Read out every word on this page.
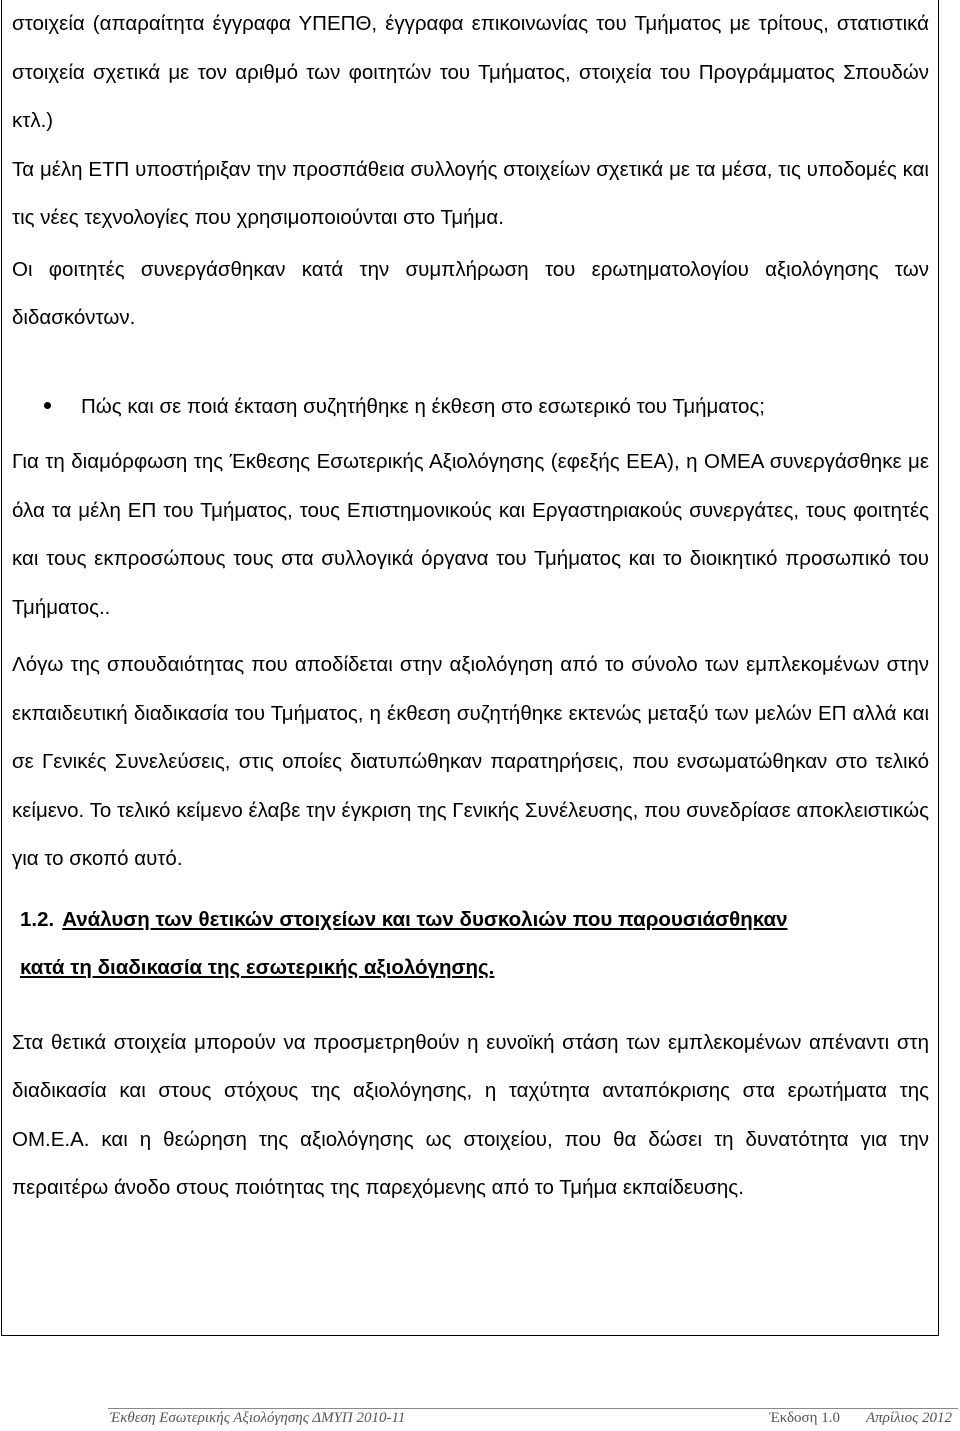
στοιχεία (απαραίτητα έγγραφα ΥΠΕΠΘ, έγγραφα επικοινωνίας του Τμήματος με τρίτους, στατιστικά στοιχεία σχετικά με τον αριθμό των φοιτητών του Τμήματος, στοιχεία του Προγράμματος Σπουδών κτλ.)

Τα μέλη ΕΤΠ υποστήριξαν την προσπάθεια συλλογής στοιχείων σχετικά με τα μέσα, τις υποδομές και τις νέες τεχνολογίες που χρησιμοποιούνται στο Τμήμα.

Οι φοιτητές συνεργάσθηκαν κατά την συμπλήρωση του ερωτηματολογίου αξιολόγησης των διδασκόντων.

Πώς και σε ποιά έκταση συζητήθηκε η έκθεση στο εσωτερικό του Τμήματος;

Για τη διαμόρφωση της Έκθεσης Εσωτερικής Αξιολόγησης (εφεξής ΕΕΑ), η ΟΜΕΑ συνεργάσθηκε με όλα τα μέλη ΕΠ του Τμήματος, τους Επιστημονικούς και Εργαστηριακούς συνεργάτες, τους φοιτητές και τους εκπροσώπους τους στα συλλογικά όργανα του Τμήματος και το διοικητικό προσωπικό του Τμήματος..

Λόγω της σπουδαιότητας που αποδίδεται στην αξιολόγηση από το σύνολο των εμπλεκομένων στην εκπαιδευτική διαδικασία του Τμήματος, η έκθεση συζητήθηκε εκτενώς μεταξύ των μελών ΕΠ αλλά και σε Γενικές Συνελεύσεις, στις οποίες διατυπώθηκαν παρατηρήσεις, που ενσωματώθηκαν στο τελικό κείμενο. Το τελικό κείμενο έλαβε την έγκριση της Γενικής Συνέλευσης, που συνεδρίασε αποκλειστικώς για το σκοπό αυτό.

1.2. Ανάλυση των θετικών στοιχείων και των δυσκολιών που παρουσιάσθηκαν
κατά τη διαδικασία της εσωτερικής αξιολόγησης.

Στα θετικά στοιχεία μπορούν να προσμετρηθούν η ευνοϊκή στάση των εμπλεκομένων απέναντι στη διαδικασία και στους στόχους της αξιολόγησης, η ταχύτητα ανταπόκρισης στα ερωτήματα της ΟΜ.Ε.Α. και η θεώρηση της αξιολόγησης ως στοιχείου, που θα δώσει τη δυνατότητα για την περαιτέρω άνοδο στους ποιότητας της παρεχόμενης από το Τμήμα εκπαίδευσης.

Έκθεση Εσωτερικής Αξιολόγησης ΔΜΥΠ 2010-11	Έκδοση 1.0 Απρίλιος 2012
